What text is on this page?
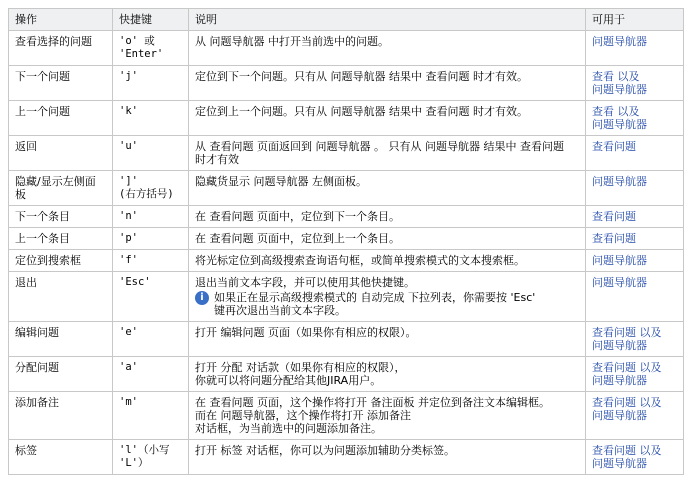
操作	快捷键	说明	可用于
查看选择的问题	'o' 或
'Enter'	从 问题导航器 中打开当前选中的问题。	问题导航器

下一个问题	'j'	定位到下一个问题。只有从 问题导航器 结果中 查看问题 时才有效。	查看 以及
问题导航器

上一个问题	'k'	定位到上一个问题。只有从 问题导航器 结果中 查看问题 时才有效。	查看 以及
问题导航器

返回	'u'	从 查看问题 页面返回到 问题导航器 。 只有从 问题导航器 结果中 查看问题
时才有效	查看问题

隐藏/显示左侧面板	']'
(右方括号)	隐藏货显示 问题导航器 左侧面板。	问题导航器

下一个条目	'n'	在 查看问题 页面中，定位到下一个条目。	查看问题

上一个条目	'p'	在 查看问题 页面中，定位到上一个条目。	查看问题

定位到搜索框	'f'	将光标定位到高级搜索查询语句框，或简单搜索模式的文本搜索框。	问题导航器

退出	'Esc'	退出当前文本字段，并可以使用其他快捷键。
i 如果正在显示高级搜索模式的 自动完成 下拉列表，你需要按 'Esc'
键再次退出当前文本字段。	问题导航器

编辑问题	'e'	打开 编辑问题 页面（如果你有相应的权限）。	查看问题 以及
问题导航器

分配问题	'a'	打开 分配 对话款（如果你有相应的权限），
你就可以将问题分配给其他JIRA用户。	查看问题 以及
问题导航器

添加备注	'm'	在 查看问题 页面，这个操作将打开 备注面板 并定位到备注文本编辑框。
而在 问题导航器，这个操作将打开 添加备注
对话框，为当前选中的问题添加备注。	查看问题 以及
问题导航器

标签	'l'（小写
'L'）	打开 标签 对话框，你可以为问题添加辅助分类标签。	查看问题 以及
问题导航器
